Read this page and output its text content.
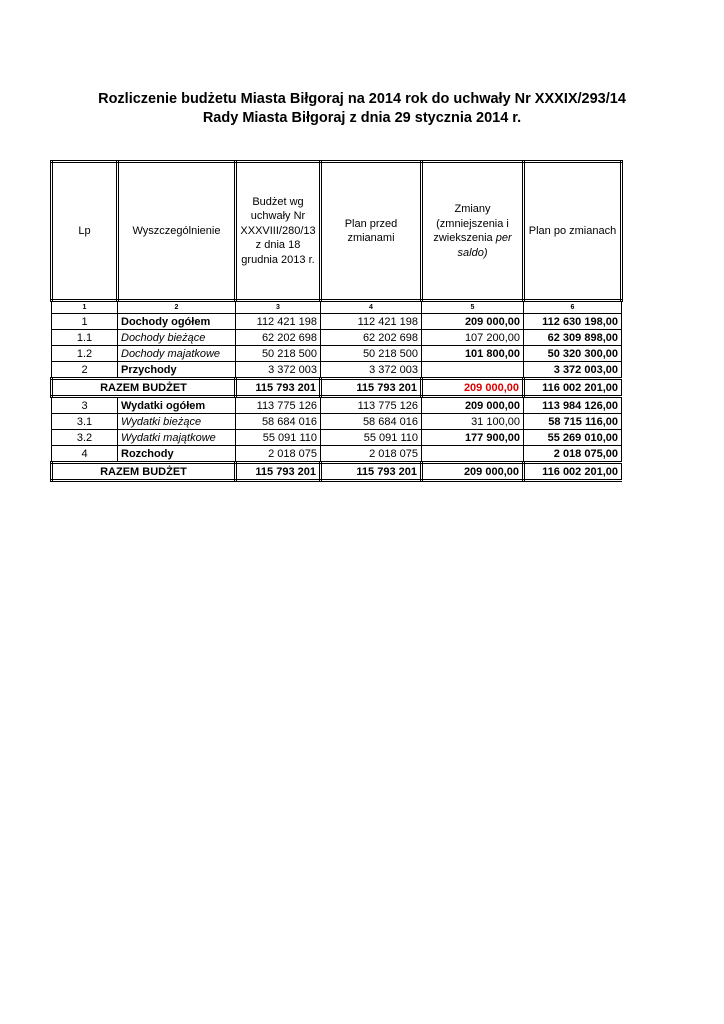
Rozliczenie budżetu Miasta Biłgoraj na 2014 rok do uchwały Nr XXXIX/293/14
Rady Miasta Biłgoraj z dnia 29 stycznia 2014 r.
Lp	Wyszczególnienie	Budżet wg uchwały Nr XXXVIII/280/13 z dnia 18 grudnia 2013 r.	Plan przed zmianami	Zmiany (zmniejszenia i zwiekszenia per saldo)	Plan po zmianach
1	2	3	4	5	6
1	Dochody ogółem	112 421 198	112 421 198	209 000,00	112 630 198,00
1.1	Dochody bieżące	62 202 698	62 202 698	107 200,00	62 309 898,00
1.2	Dochody majatkowe	50 218 500	50 218 500	101 800,00	50 320 300,00
2	Przychody	3 372 003	3 372 003		3 372 003,00
RAZEM BUDŻET		115 793 201	115 793 201	209 000,00	116 002 201,00
3	Wydatki ogółem	113 775 126	113 775 126	209 000,00	113 984 126,00
3.1	Wydatki bieżące	58 684 016	58 684 016	31 100,00	58 715 116,00
3.2	Wydatki majątkowe	55 091 110	55 091 110	177 900,00	55 269 010,00
4	Rozchody	2 018 075	2 018 075		2 018 075,00
RAZEM BUDŻET		115 793 201	115 793 201	209 000,00	116 002 201,00
